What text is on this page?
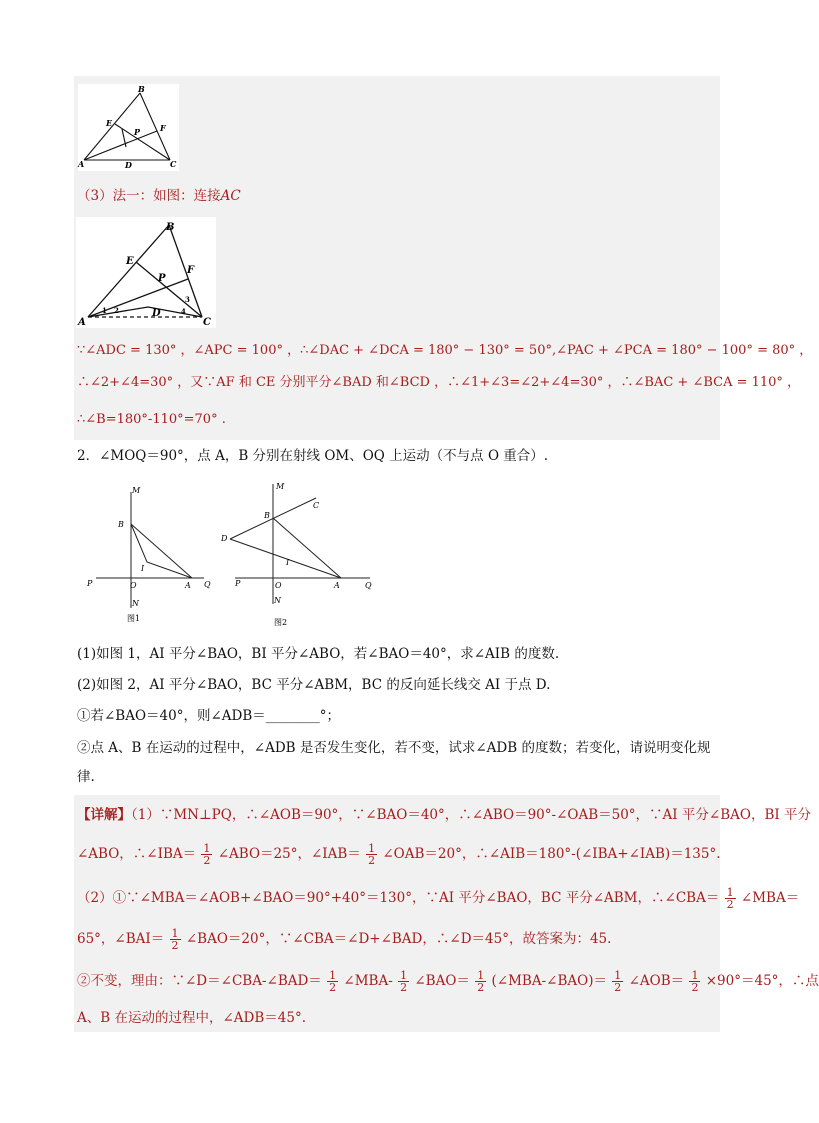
B
E	F
P
A	D	C
（3）法一：如图：连接AC
B
E
F
P
A
D
C
1 2
3
4
∵∠ADC = 130° ，∠APC = 100° ，∴∠DAC + ∠DCA = 180° − 130° = 50°,∠PAC + ∠PCA = 180° − 100° = 80° ，
∴∠2+∠4=30° ，又∵AF 和 CE 分别平分∠BAD 和∠BCD ，∴∠1+∠3=∠2+∠4=30° ，∴∠BAC + ∠BCA = 110° ，
∴∠B=180°-110°=70° .
2．∠MOQ＝90°，点 A，B 分别在射线 OM、OQ 上运动（不与点 O 重合）.
M
B
I
P	O	A Q
N
图1
M
C
B
D
I
P	O	A	Q
N
图2
(1)如图 1，AI 平分∠BAO，BI 平分∠ABO，若∠BAO＝40°，求∠AIB 的度数.
(2)如图 2，AI 平分∠BAO，BC 平分∠ABM，BC 的反向延长线交 AI 于点 D.
①若∠BAO＝40°，则∠ADB＝________°；
②点 A、B 在运动的过程中，∠ADB 是否发生变化，若不变，试求∠ADB 的度数；若变化，请说明变化规
律.
【详解】（1）∵MN⊥PQ，∴∠AOB＝90°，∵∠BAO＝40°，∴∠ABO＝90°-∠OAB＝50°，∵AI 平分∠BAO，BI 平分
∠ABO，∴∠IBA＝ $\frac{1}{2}$ ∠ABO＝25°，∠IAB＝ $\frac{1}{2}$ ∠OAB＝20°，∴∠AIB＝180°-(∠IBA+∠IAB)＝135°.
（2）①∵∠MBA＝∠AOB+∠BAO＝90°+40°＝130°，∵AI 平分∠BAO，BC 平分∠ABM，∴∠CBA＝ $\frac{1}{2}$ ∠MBA＝
65°，∠BAI＝ $\frac{1}{2}$ ∠BAO＝20°，∵∠CBA＝∠D+∠BAD，∴∠D＝45°，故答案为：45.
②不变，理由：∵∠D＝∠CBA-∠BAD＝ $\frac{1}{2}$ ∠MBA- $\frac{1}{2}$ ∠BAO＝ $\frac{1}{2}$ (∠MBA-∠BAO)＝ $\frac{1}{2}$ ∠AOB＝ $\frac{1}{2} \times 90^\circ=45^\circ$，∴点
A、B 在运动的过程中，∠ADB＝45°.
